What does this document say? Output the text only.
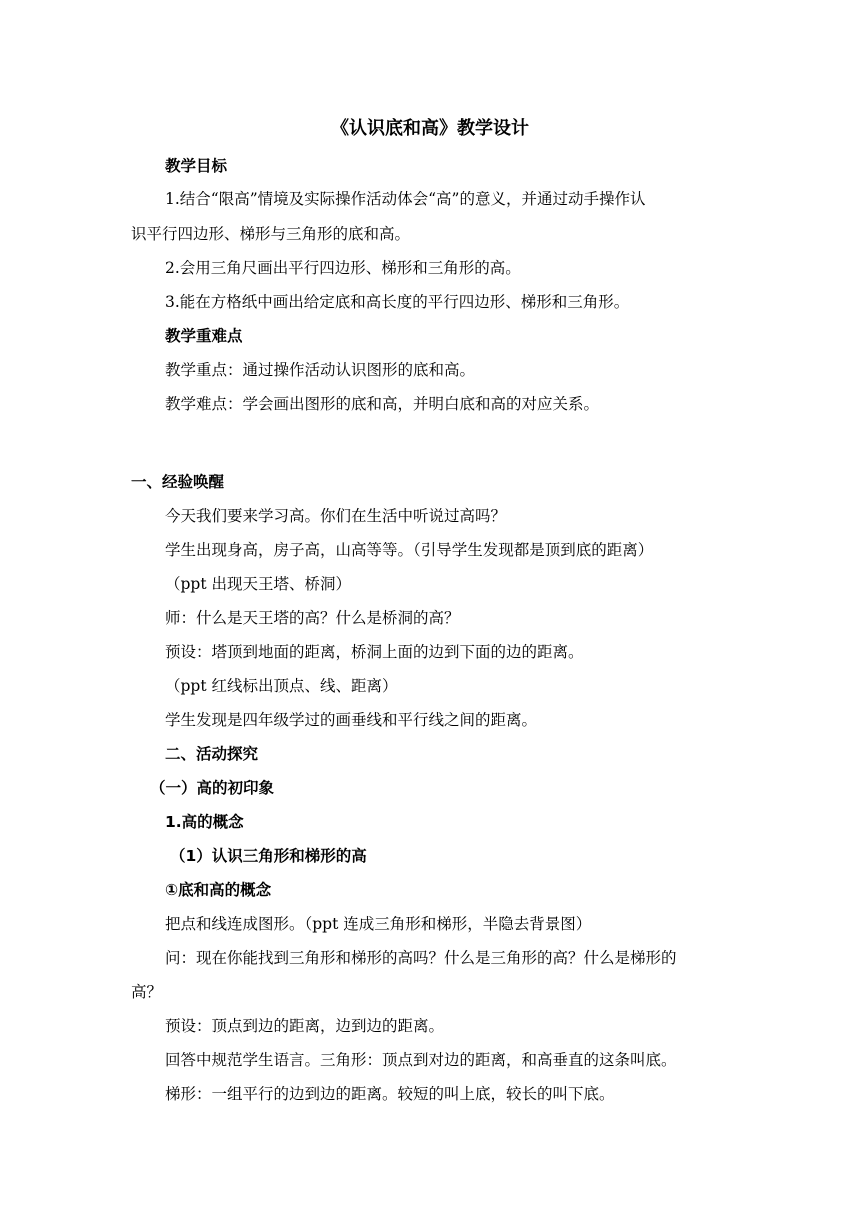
《认识底和高》教学设计
教学目标
1.结合“限高”情境及实际操作活动体会“高”的意义，并通过动手操作认
识平行四边形、梯形与三角形的底和高。
2.会用三角尺画出平行四边形、梯形和三角形的高。
3.能在方格纸中画出给定底和高长度的平行四边形、梯形和三角形。
教学重难点
教学重点：通过操作活动认识图形的底和高。
教学难点：学会画出图形的底和高，并明白底和高的对应关系。
一、经验唤醒
今天我们要来学习高。你们在生活中听说过高吗？
学生出现身高，房子高，山高等等。（引导学生发现都是顶到底的距离）
（ppt 出现天王塔、桥洞）
师：什么是天王塔的高？什么是桥洞的高？
预设：塔顶到地面的距离，桥洞上面的边到下面的边的距离。
（ppt 红线标出顶点、线、距离）
学生发现是四年级学过的画垂线和平行线之间的距离。
二、活动探究
（一）高的初印象
1.高的概念
（1）认识三角形和梯形的高
①底和高的概念
把点和线连成图形。（ppt 连成三角形和梯形，半隐去背景图）
问：现在你能找到三角形和梯形的高吗？什么是三角形的高？什么是梯形的
高？
预设：顶点到边的距离，边到边的距离。
回答中规范学生语言。三角形：顶点到对边的距离，和高垂直的这条叫底。
梯形：一组平行的边到边的距离。较短的叫上底，较长的叫下底。
